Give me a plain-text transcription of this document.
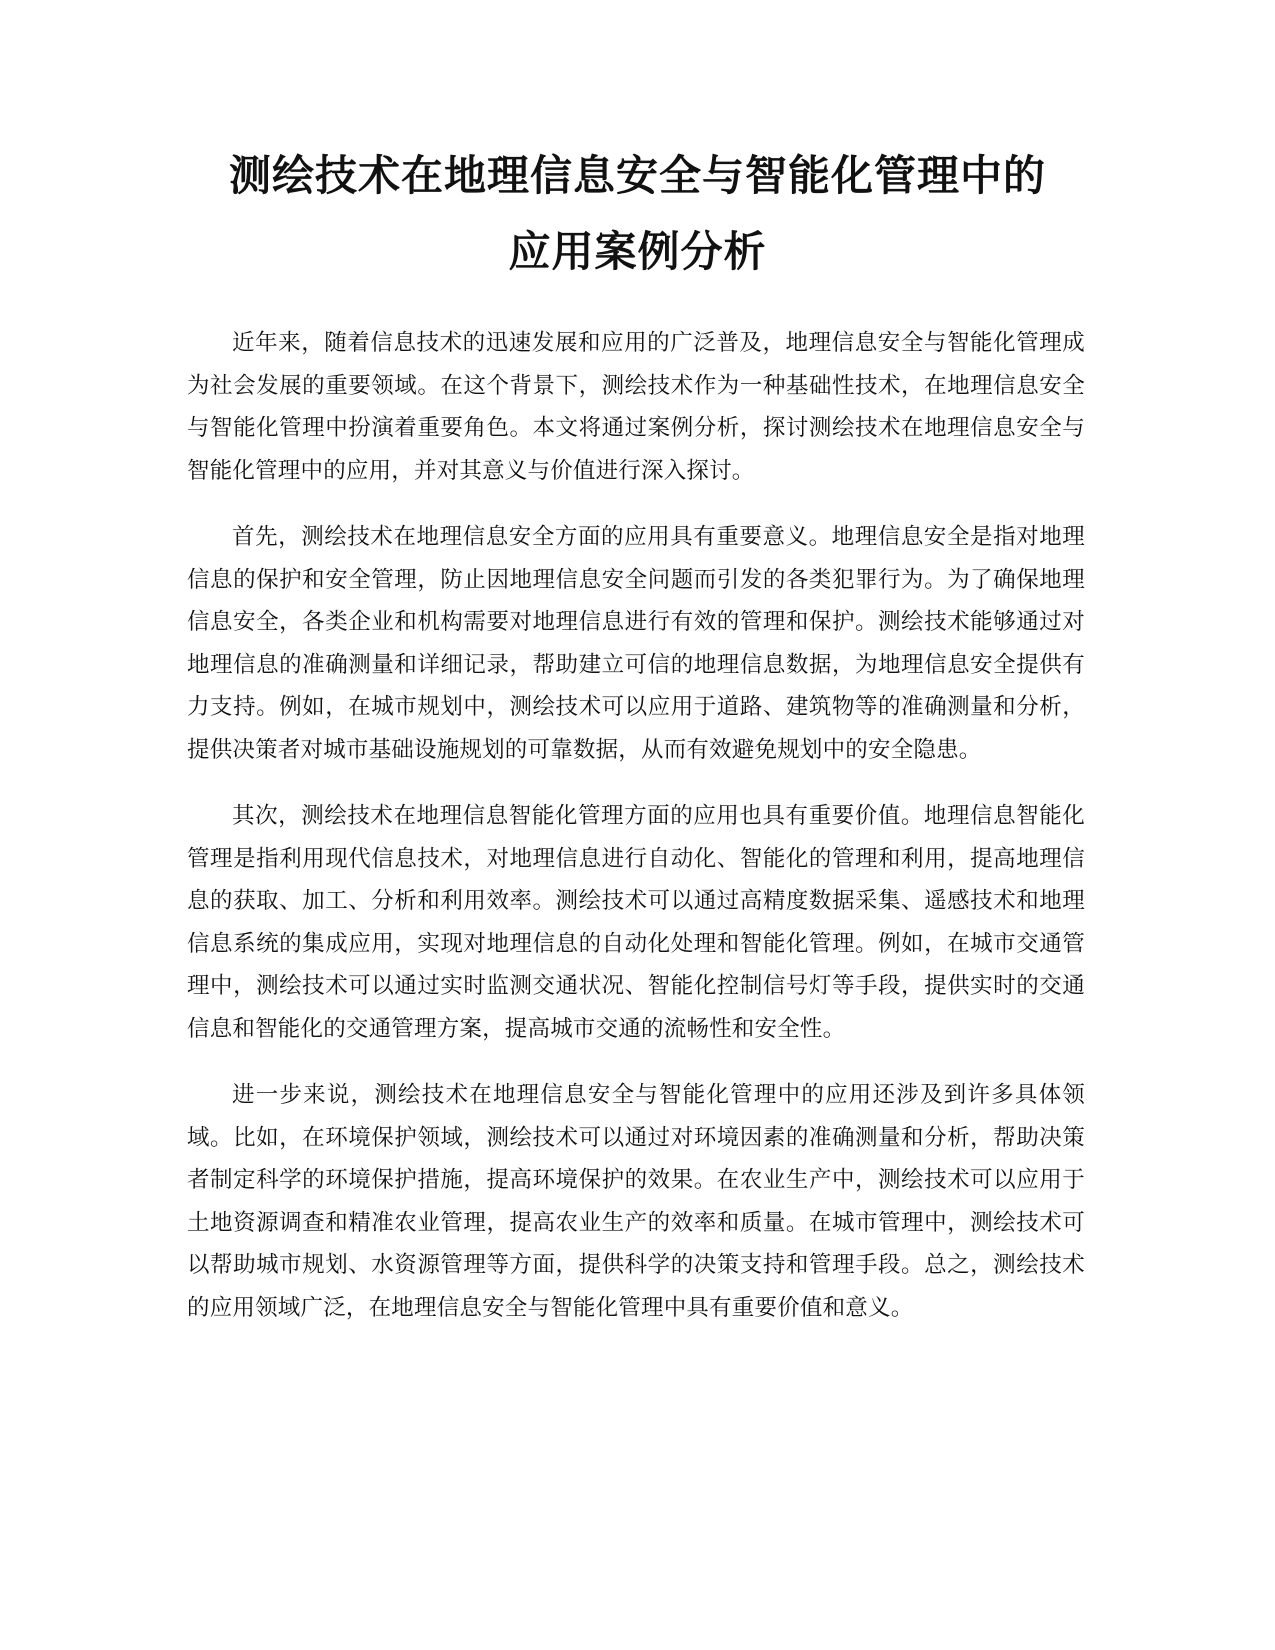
测绘技术在地理信息安全与智能化管理中的
应用案例分析

近年来，随着信息技术的迅速发展和应用的广泛普及，地理信息安全与智能化管理成为社会发展的重要领域。在这个背景下，测绘技术作为一种基础性技术，在地理信息安全与智能化管理中扮演着重要角色。本文将通过案例分析，探讨测绘技术在地理信息安全与智能化管理中的应用，并对其意义与价值进行深入探讨。

首先，测绘技术在地理信息安全方面的应用具有重要意义。地理信息安全是指对地理信息的保护和安全管理，防止因地理信息安全问题而引发的各类犯罪行为。为了确保地理信息安全，各类企业和机构需要对地理信息进行有效的管理和保护。测绘技术能够通过对地理信息的准确测量和详细记录，帮助建立可信的地理信息数据，为地理信息安全提供有力支持。例如，在城市规划中，测绘技术可以应用于道路、建筑物等的准确测量和分析，提供决策者对城市基础设施规划的可靠数据，从而有效避免规划中的安全隐患。

其次，测绘技术在地理信息智能化管理方面的应用也具有重要价值。地理信息智能化管理是指利用现代信息技术，对地理信息进行自动化、智能化的管理和利用，提高地理信息的获取、加工、分析和利用效率。测绘技术可以通过高精度数据采集、遥感技术和地理信息系统的集成应用，实现对地理信息的自动化处理和智能化管理。例如，在城市交通管理中，测绘技术可以通过实时监测交通状况、智能化控制信号灯等手段，提供实时的交通信息和智能化的交通管理方案，提高城市交通的流畅性和安全性。

进一步来说，测绘技术在地理信息安全与智能化管理中的应用还涉及到许多具体领域。比如，在环境保护领域，测绘技术可以通过对环境因素的准确测量和分析，帮助决策者制定科学的环境保护措施，提高环境保护的效果。在农业生产中，测绘技术可以应用于土地资源调查和精准农业管理，提高农业生产的效率和质量。在城市管理中，测绘技术可以帮助城市规划、水资源管理等方面，提供科学的决策支持和管理手段。总之，测绘技术的应用领域广泛，在地理信息安全与智能化管理中具有重要价值和意义。
